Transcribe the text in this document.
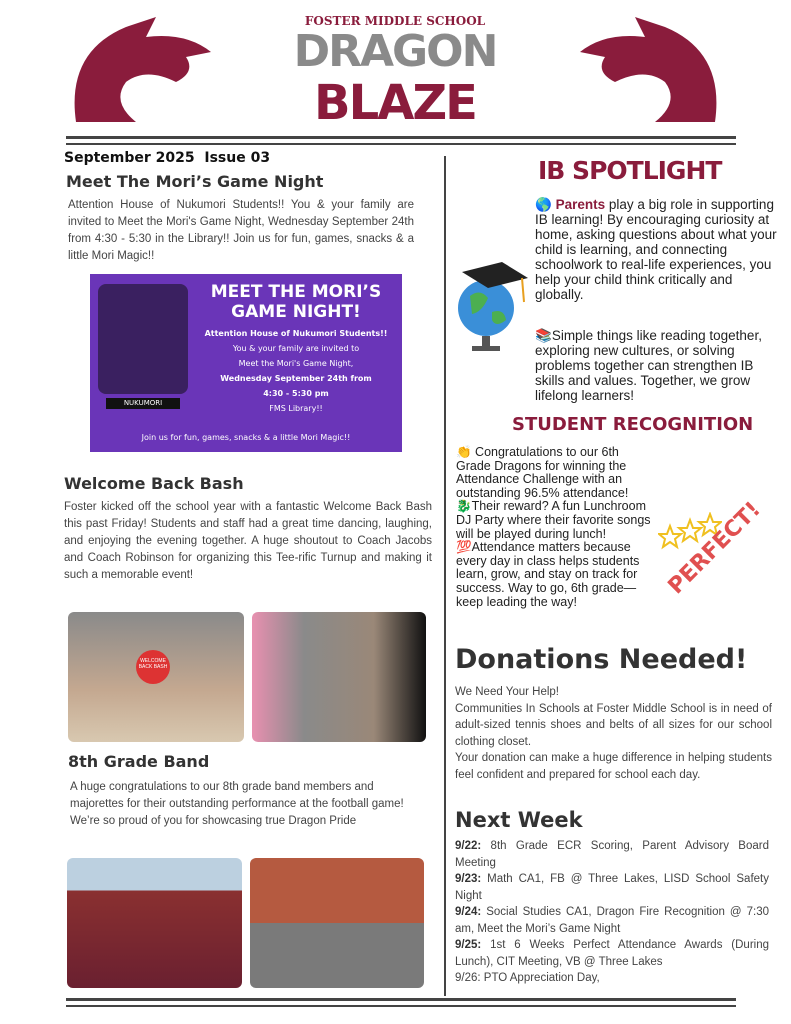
FOSTER MIDDLE SCHOOL
DRAGON
BLAZE
September 2025  Issue 03
Meet The Mori’s Game Night

Attention House of Nukumori Students!! You & your family are invited to Meet the Mori's Game Night, Wednesday September 24th from 4:30 - 5:30 in the Library!! Join us for fun, games, snacks & a little Mori Magic!!

NUKUMORI
MEET THE MORI’S
GAME NIGHT!
Attention House of Nukumori Students!!
You & your family are invited to
Meet the Mori's Game Night,
Wednesday September 24th from
4:30 - 5:30 pm
FMS Library!!
Join us for fun, games, snacks & a little Mori Magic!!
Welcome Back Bash

Foster kicked off the school year with a fantastic Welcome Back Bash this past Friday! Students and staff had a great time dancing, laughing, and enjoying the evening together. A huge shoutout to Coach Jacobs and Coach Robinson for organizing this Tee-rific Turnup and making it such a memorable event!

WELCOME BACK BASH
8th Grade Band

A huge congratulations to our 8th grade band members and majorettes for their outstanding performance at the football game! We’re so proud of you for showcasing true Dragon Pride

IB SPOTLIGHT
🌎 Parents play a big role in supporting IB learning! By encouraging curiosity at home, asking questions about what your child is learning, and connecting schoolwork to real-life experiences, you help your child think critically and globally.
📚Simple things like reading together, exploring new cultures, or solving problems together can strengthen IB skills and values. Together, we grow lifelong learners!
STUDENT RECOGNITION
👏 Congratulations to our 6th Grade Dragons for winning the Attendance Challenge with an outstanding 96.5% attendance!
🐉Their reward? A fun Lunchroom DJ Party where their favorite songs will be played during lunch!
💯Attendance matters because every day in class helps students learn, grow, and stay on track for success. Way to go, 6th grade—keep leading the way!
PERFECT!
Donations Needed!
We Need Your Help!
Communities In Schools at Foster Middle School is in need of adult-sized tennis shoes and belts of all sizes for our school clothing closet.
Your donation can make a huge difference in helping students feel confident and prepared for school each day.
Next Week
9/22: 8th Grade ECR Scoring, Parent Advisory Board Meeting
9/23: Math CA1, FB @ Three Lakes, LISD School Safety Night
9/24: Social Studies CA1, Dragon Fire Recognition @ 7:30 am, Meet the Mori’s Game Night
9/25: 1st 6 Weeks Perfect Attendance Awards (During Lunch), CIT Meeting, VB @ Three Lakes
9/26: PTO Appreciation Day,
